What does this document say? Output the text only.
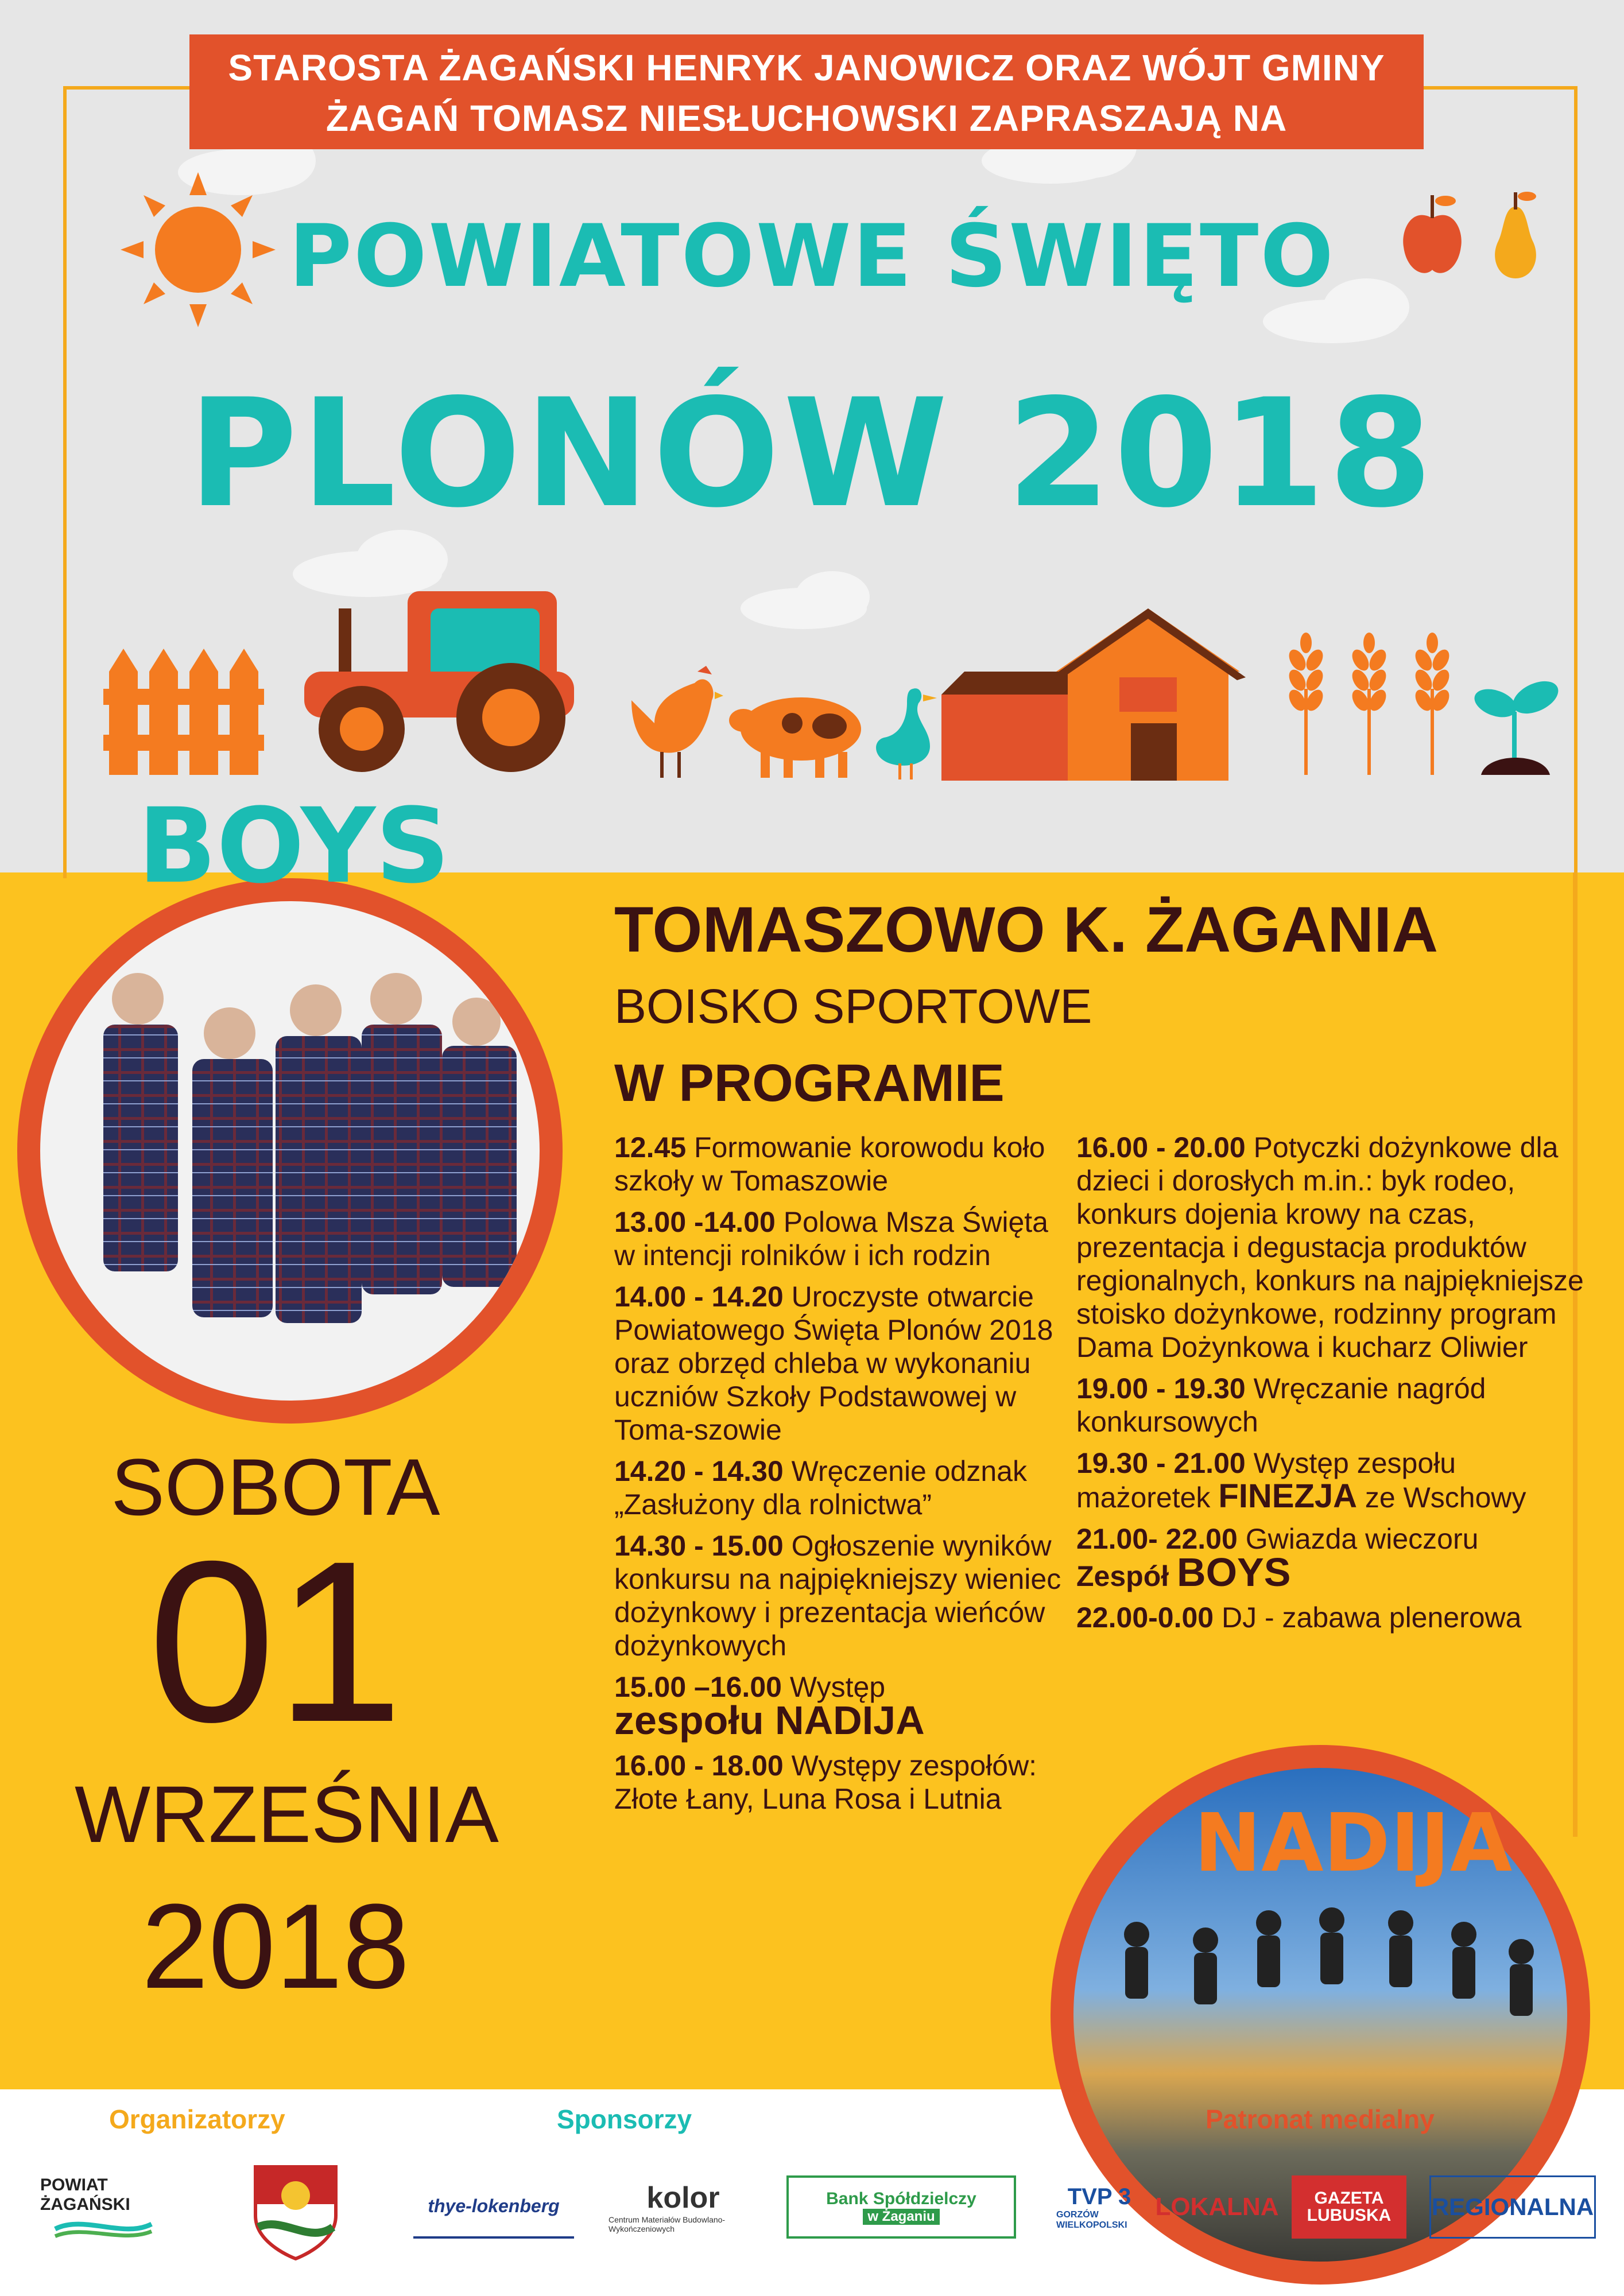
STAROSTA ŻAGAŃSKI HENRYK JANOWICZ ORAZ WÓJT GMINY
ŻAGAŃ TOMASZ NIESŁUCHOWSKI ZAPRASZAJĄ NA
POWIATOWE ŚWIĘTO
PLONÓW 2018
BOYS
TOMASZOWO K. ŻAGANIA
BOISKO SPORTOWE
W PROGRAMIE
12.45 Formowanie korowodu koło szkoły w Tomaszowie
13.00 -14.00 Polowa Msza Święta w intencji rolników i ich rodzin
14.00 - 14.20 Uroczyste otwarcie Powiatowego Święta Plonów 2018 oraz obrzęd chleba w wykonaniu uczniów Szkoły Podstawowej w Toma-szowie
14.20 - 14.30 Wręczenie odznak „Zasłużony dla rolnictwa”
14.30 - 15.00 Ogłoszenie wyników konkursu na najpiękniejszy wieniec dożynkowy i prezentacja wieńców dożynkowych
15.00 –16.00 Występ
zespołu NADIJA
16.00 - 18.00 Występy zespołów: Złote Łany, Luna Rosa i Lutnia
16.00 - 20.00 Potyczki dożynkowe dla dzieci i dorosłych m.in.: byk rodeo, konkurs dojenia krowy na czas, prezentacja i degustacja produktów regionalnych, konkurs na najpiękniejsze stoisko dożynkowe, rodzinny program Dama Dożynkowa i kucharz Oliwier
19.00 - 19.30 Wręczanie nagród konkursowych
19.30 - 21.00 Występ zespołu mażoretek FINEZJA ze Wschowy
21.00- 22.00 Gwiazda wieczoru
Zespół BOYS
22.00-0.00 DJ - zabawa plenerowa
SOBOTA
01
WRZEŚNIA
2018
NADIJA
Organizatorzy	Sponsorzy	Patronat medialny
POWIAT ŻAGAŃSKI	thye-lokenberg	kolor
Centrum Materiałów Budowlano-Wykończeniowych
Bank Spółdzielczy
w Żaganiu
TVP 3
GORZÓW WIELKOPOLSKI
LOKALNA	GAZETA LUBUSKA	REGIONALNA
